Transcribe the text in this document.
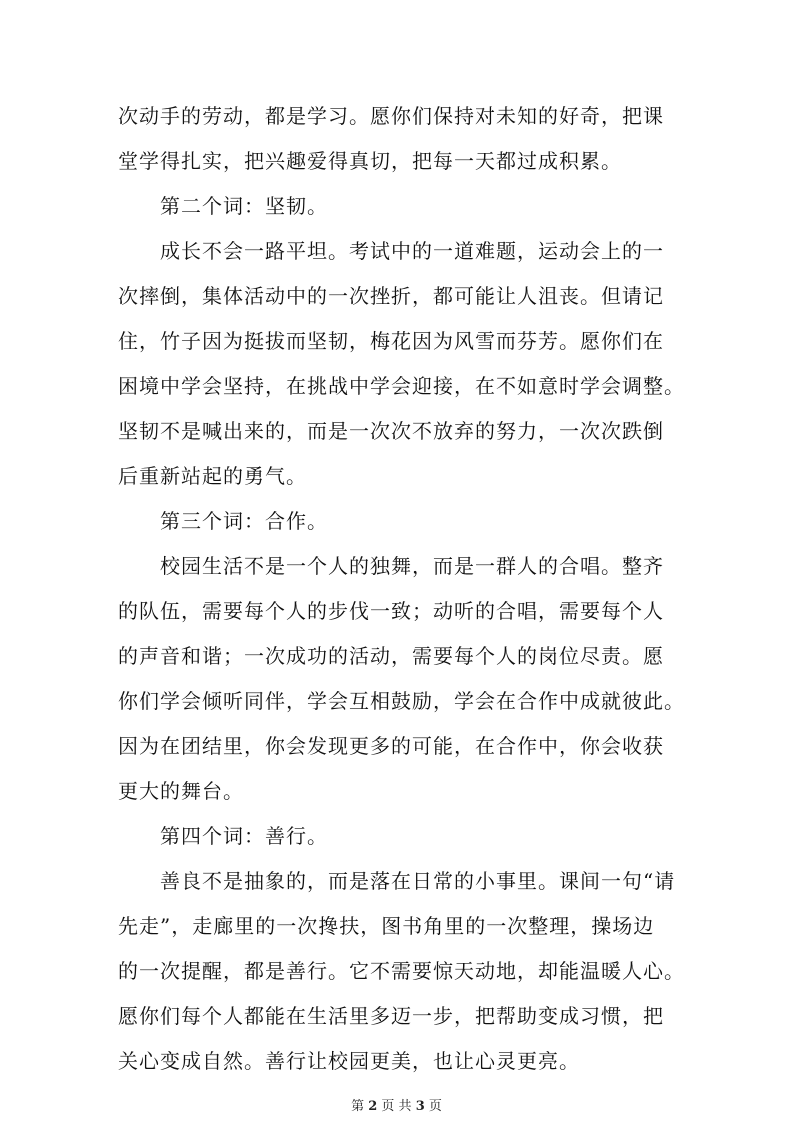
次动手的劳动，都是学习。愿你们保持对未知的好奇，把课
堂学得扎实，把兴趣爱得真切，把每一天都过成积累。
第二个词：坚韧。
成长不会一路平坦。考试中的一道难题，运动会上的一
次摔倒，集体活动中的一次挫折，都可能让人沮丧。但请记
住，竹子因为挺拔而坚韧，梅花因为风雪而芬芳。愿你们在
困境中学会坚持，在挑战中学会迎接，在不如意时学会调整。
坚韧不是喊出来的，而是一次次不放弃的努力，一次次跌倒
后重新站起的勇气。
第三个词：合作。
校园生活不是一个人的独舞，而是一群人的合唱。整齐
的队伍，需要每个人的步伐一致；动听的合唱，需要每个人
的声音和谐；一次成功的活动，需要每个人的岗位尽责。愿
你们学会倾听同伴，学会互相鼓励，学会在合作中成就彼此。
因为在团结里，你会发现更多的可能，在合作中，你会收获
更大的舞台。
第四个词：善行。
善良不是抽象的，而是落在日常的小事里。课间一句“请
先走”，走廊里的一次搀扶，图书角里的一次整理，操场边
的一次提醒，都是善行。它不需要惊天动地，却能温暖人心。
愿你们每个人都能在生活里多迈一步，把帮助变成习惯，把
关心变成自然。善行让校园更美，也让心灵更亮。
第 2 页 共 3 页
